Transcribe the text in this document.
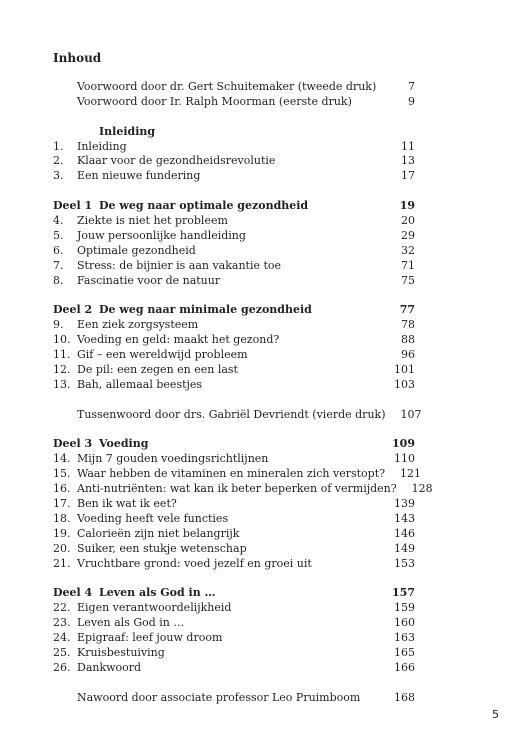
Inhoud
Voorwoord door dr. Gert Schuitemaker (tweede druk)	7
Voorwoord door Ir. Ralph Moorman (eerste druk)	9
Inleiding
1.	Inleiding	11
2.	Klaar voor de gezondheidsrevolutie	13
3.	Een nieuwe fundering	17
Deel 1 De weg naar optimale gezondheid	19
4.	Ziekte is niet het probleem	20
5.	Jouw persoonlijke handleiding	29
6.	Optimale gezondheid	32
7.	Stress: de bijnier is aan vakantie toe	71
8.	Fascinatie voor de natuur	75
Deel 2 De weg naar minimale gezondheid	77
9.	Een ziek zorgsysteem	78
10. Voeding en geld: maakt het gezond?	88
11. Gif – een wereldwijd probleem	96
12. De pil: een zegen en een last	101
13. Bah, allemaal beestjes	103
Tussenwoord door drs. Gabriël Devriendt (vierde druk)	107
Deel 3 Voeding	109
14. Mijn 7 gouden voedingsrichtlijnen	110
15. Waar hebben de vitaminen en mineralen zich verstopt?	121
16. Anti-nutriënten: wat kan ik beter beperken of vermijden?	128
17. Ben ik wat ik eet?	139
18. Voeding heeft vele functies	143
19. Calorieën zijn niet belangrijk	146
20. Suiker, een stukje wetenschap	149
21. Vruchtbare grond: voed jezelf en groei uit	153
Deel 4 Leven als God in …	157
22. Eigen verantwoordelijkheid	159
23. Leven als God in …	160
24. Epigraaf: leef jouw droom	163
25. Kruisbestuiving	165
26. Dankwoord	166
Nawoord door associate professor Leo Pruimboom	168
5
